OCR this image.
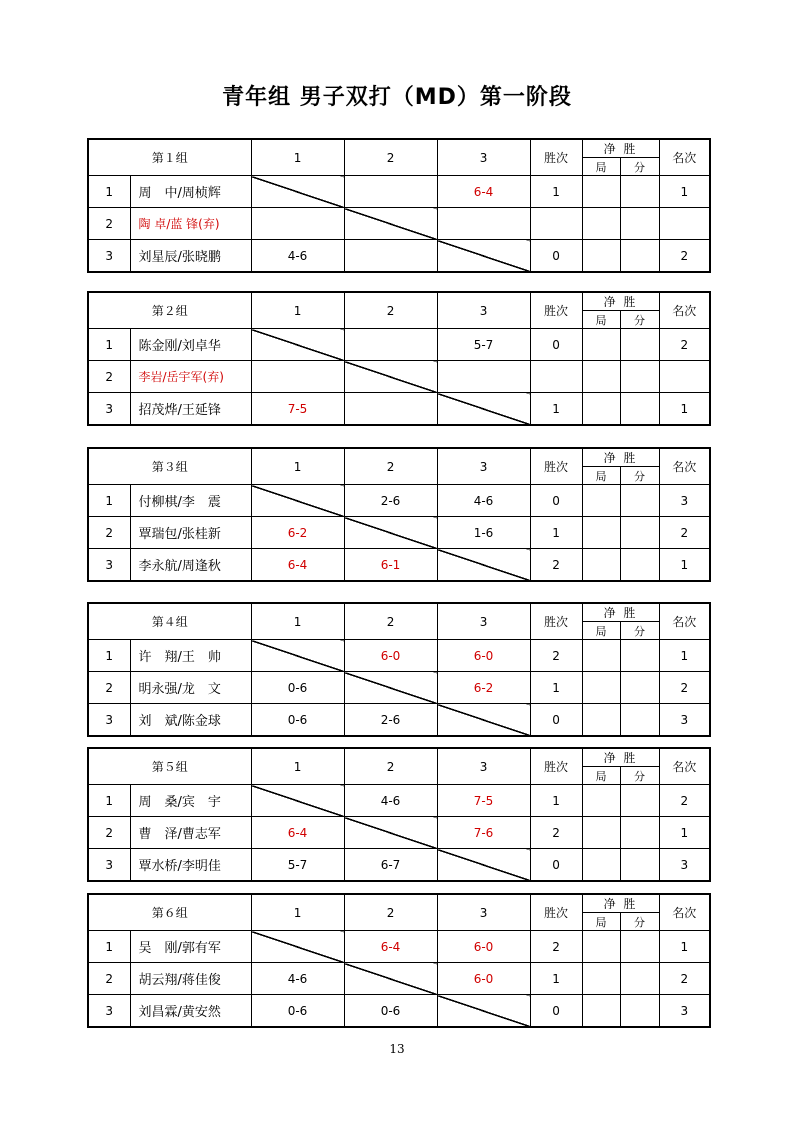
青年组 男子双打（MD）第一阶段
第１组		1	2	3	胜次	净 胜		名次
						局	分	
1	周　中/周桢辉			6-4	1			1
2	陶 卓/蓝 锋(弃)							
3	刘星辰/张晓鹏	4-6			0			2
第２组		1	2	3	胜次	净 胜		名次
						局	分	
1	陈金刚/刘卓华			5-7	0			2
2	李岩/岳宇军(弃)							
3	招茂烨/王延锋	7-5			1			1
第３组		1	2	3	胜次	净 胜		名次
						局	分	
1	付柳棋/李　震		2-6	4-6	0			3
2	覃瑞包/张桂新	6-2		1-6	1			2
3	李永航/周逢秋	6-4	6-1		2			1
第４组		1	2	3	胜次	净 胜		名次
						局	分	
1	许　翔/王　帅		6-0	6-0	2			1
2	明永强/龙　文	0-6		6-2	1			2
3	刘　斌/陈金球	0-6	2-6		0			3
第５组		1	2	3	胜次	净 胜		名次
						局	分	
1	周　桑/宾　宇		4-6	7-5	1			2
2	曹　泽/曹志军	6-4		7-6	2			1
3	覃水桥/李明佳	5-7	6-7		0			3
第６组		1	2	3	胜次	净 胜		名次
						局	分	
1	吴　刚/郭有军		6-4	6-0	2			1
2	胡云翔/蒋佳俊	4-6		6-0	1			2
3	刘昌霖/黄安然	0-6	0-6		0			3
13
